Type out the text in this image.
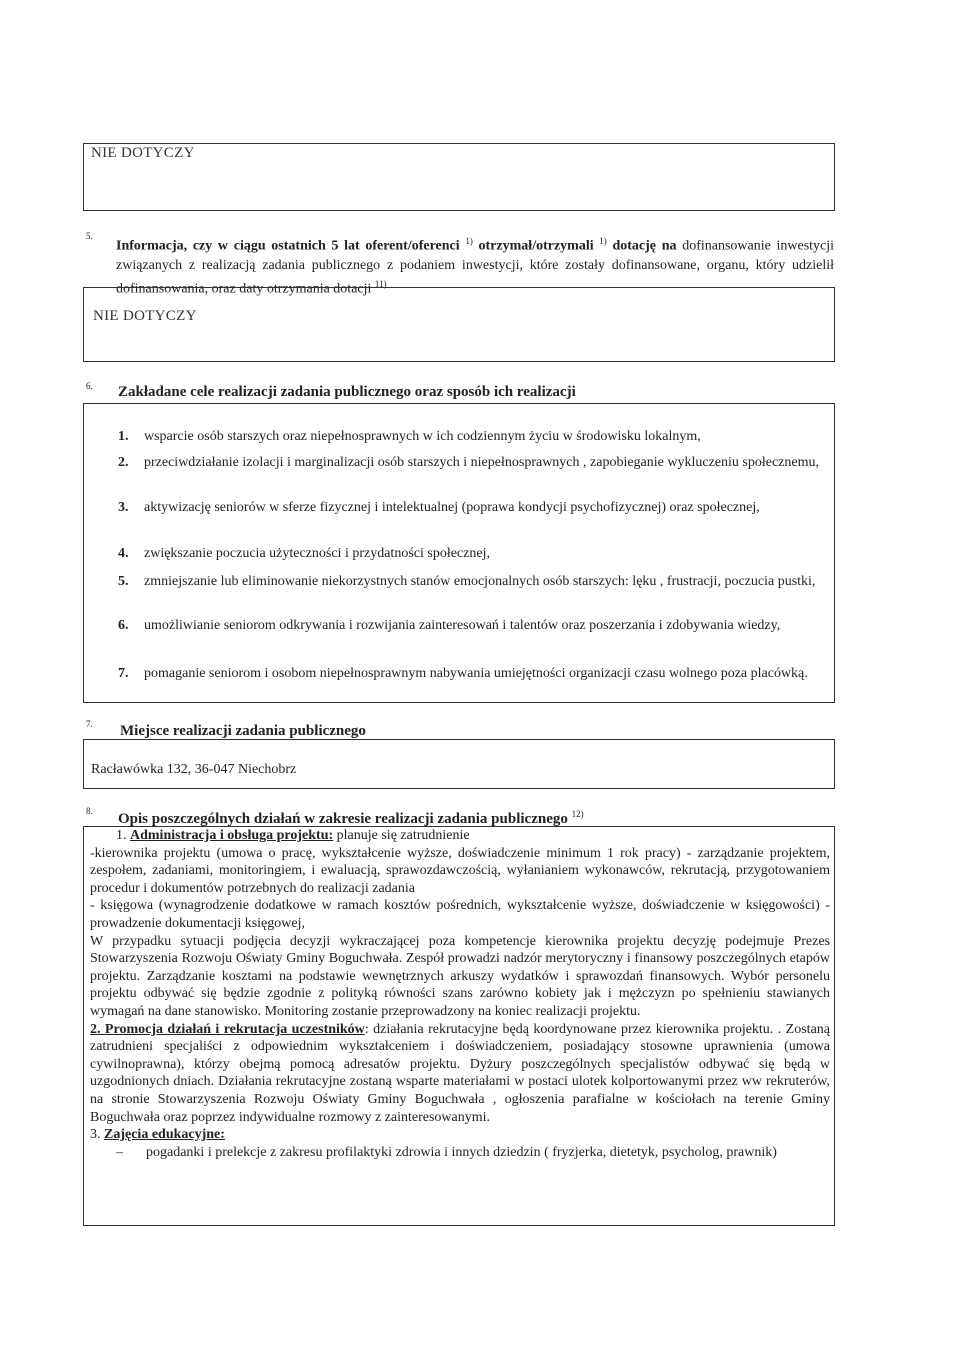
NIE DOTYCZY
5.
Informacja, czy w ciągu ostatnich 5 lat oferent/oferenci $^{1)}$ otrzymał/otrzymali $^{1)}$ dotację na dofinansowanie inwestycji związanych z realizacją zadania publicznego z podaniem inwestycji, które zostały dofinansowane, organu, który udzielił dofinansowania, oraz daty otrzymania dotacji $^{11)}$
NIE DOTYCZY
6. Zakładane cele realizacji zadania publicznego oraz sposób ich realizacji
1.	wsparcie osób starszych oraz niepełnosprawnych w ich codziennym życiu w środowisku lokalnym,
2.	przeciwdziałanie izolacji i marginalizacji osób starszych i niepełnosprawnych , zapobieganie wykluczeniu społecznemu,
3.	aktywizację seniorów w sferze fizycznej i intelektualnej (poprawa kondycji psychofizycznej) oraz społecznej,
4.	zwiększanie poczucia użyteczności i przydatności społecznej,
5.	zmniejszanie lub eliminowanie niekorzystnych stanów emocjonalnych osób starszych: lęku , frustracji, poczucia pustki,
6.	umożliwianie seniorom odkrywania i rozwijania zainteresowań i talentów oraz poszerzania i zdobywania wiedzy,
7.	pomaganie seniorom i osobom niepełnosprawnym nabywania umiejętności organizacji czasu wolnego poza placówką.
7. Miejsce realizacji zadania publicznego
Racławówka 132, 36-047 Niechobrz
8. Opis poszczególnych działań w zakresie realizacji zadania publicznego $^{12)}$

1. Administracja i obsługa projektu: planuje się zatrudnienie

-kierownika projektu (umowa o pracę, wykształcenie wyższe, doświadczenie minimum 1 rok pracy) - zarządzanie projektem, zespołem, zadaniami, monitoringiem, i ewaluacją, sprawozdawczością, wyłanianiem wykonawców, rekrutacją, przygotowaniem procedur i dokumentów potrzebnych do realizacji zadania

- księgowa (wynagrodzenie dodatkowe w ramach kosztów pośrednich, wykształcenie wyższe, doświadczenie w księgowości) - prowadzenie dokumentacji księgowej,

W przypadku sytuacji podjęcia decyzji wykraczającej poza kompetencje kierownika projektu decyzję podejmuje Prezes Stowarzyszenia Rozwoju Oświaty Gminy Boguchwała. Zespół prowadzi nadzór merytoryczny i finansowy poszczególnych etapów projektu. Zarządzanie kosztami na podstawie wewnętrznych arkuszy wydatków i sprawozdań finansowych. Wybór personelu projektu odbywać się będzie zgodnie z polityką równości szans zarówno kobiety jak i mężczyzn po spełnieniu stawianych wymagań na dane stanowisko. Monitoring zostanie przeprowadzony na koniec realizacji projektu.

2. Promocja działań i rekrutacja uczestników: działania rekrutacyjne będą koordynowane przez kierownika projektu. . Zostaną zatrudnieni specjaliści z odpowiednim wykształceniem i doświadczeniem, posiadający stosowne uprawnienia (umowa cywilnoprawna), którzy obejmą pomocą adresatów projektu. Dyżury poszczególnych specjalistów odbywać się będą w uzgodnionych dniach. Działania rekrutacyjne zostaną wsparte materiałami w postaci ulotek kolportowanymi przez ww rekruterów, na stronie Stowarzyszenia Rozwoju Oświaty Gminy Boguchwała , ogłoszenia parafialne w kościołach na terenie Gminy Boguchwała oraz poprzez indywidualne rozmowy z zainteresowanymi.

3. Zajęcia edukacyjne:

–	pogadanki i prelekcje z zakresu profilaktyki zdrowia i innych dziedzin ( fryzjerka, dietetyk, psycholog, prawnik)
